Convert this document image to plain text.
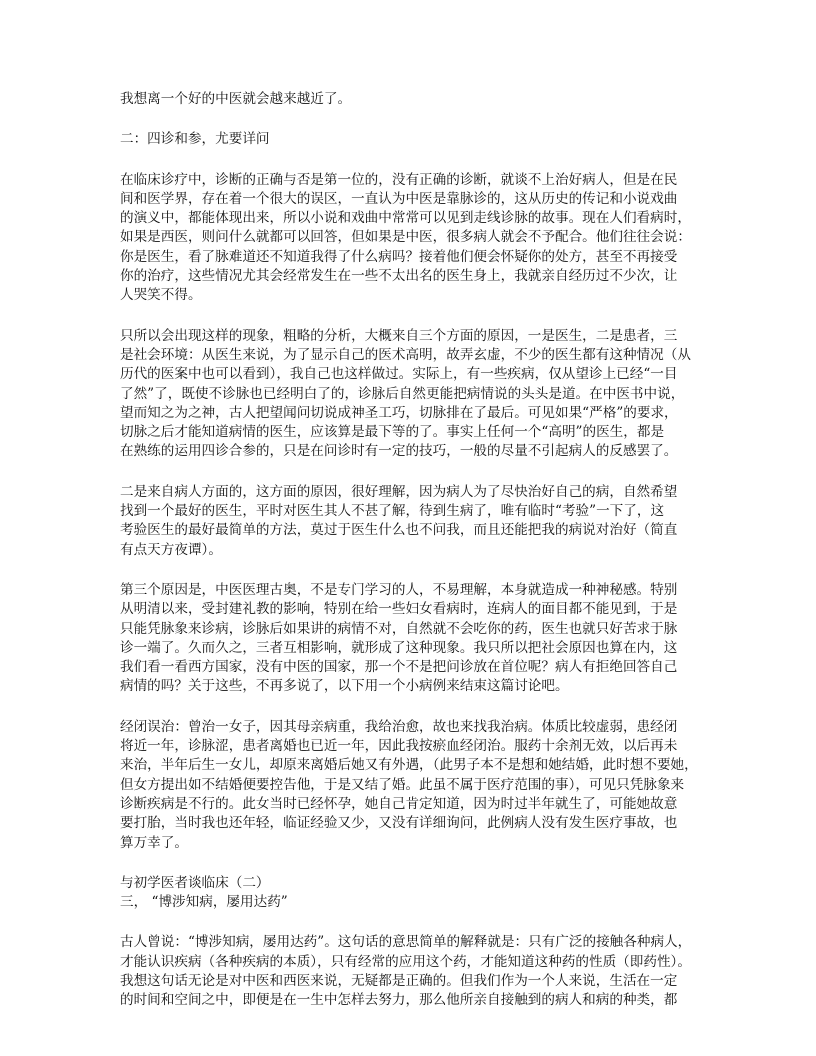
我想离一个好的中医就会越来越近了。
二：四诊和参，尤要详问
在临床诊疗中，诊断的正确与否是第一位的，没有正确的诊断，就谈不上治好病人，但是在民
间和医学界，存在着一个很大的误区，一直认为中医是靠脉诊的，这从历史的传记和小说戏曲
的演义中，都能体现出来，所以小说和戏曲中常常可以见到走线诊脉的故事。现在人们看病时，
如果是西医，则问什么就都可以回答，但如果是中医，很多病人就会不予配合。他们往往会说：
你是医生，看了脉难道还不知道我得了什么病吗？接着他们便会怀疑你的处方，甚至不再接受
你的治疗，这些情况尤其会经常发生在一些不太出名的医生身上，我就亲自经历过不少次，让
人哭笑不得。
只所以会出现这样的现象，粗略的分析，大概来自三个方面的原因，一是医生，二是患者，三
是社会环境：从医生来说，为了显示自己的医术高明，故弄玄虚，不少的医生都有这种情况（从
历代的医案中也可以看到），我自己也这样做过。实际上，有一些疾病，仅从望诊上已经“一目
了然”了，既使不诊脉也已经明白了的，诊脉后自然更能把病情说的头头是道。在中医书中说，
望而知之为之神，古人把望闻问切说成神圣工巧，切脉排在了最后。可见如果“严格”的要求，
切脉之后才能知道病情的医生，应该算是最下等的了。事实上任何一个“高明”的医生，都是
在熟练的运用四诊合参的，只是在问诊时有一定的技巧，一般的尽量不引起病人的反感罢了。
二是来自病人方面的，这方面的原因，很好理解，因为病人为了尽快治好自己的病，自然希望
找到一个最好的医生，平时对医生其人不甚了解，待到生病了，唯有临时“考验”一下了，这
考验医生的最好最简单的方法，莫过于医生什么也不问我，而且还能把我的病说对治好（简直
有点天方夜谭）。
第三个原因是，中医医理古奥，不是专门学习的人，不易理解，本身就造成一种神秘感。特别
从明清以来，受封建礼教的影响，特别在给一些妇女看病时，连病人的面目都不能见到，于是
只能凭脉象来诊病，诊脉后如果讲的病情不对，自然就不会吃你的药，医生也就只好苦求于脉
诊一端了。久而久之，三者互相影响，就形成了这种现象。我只所以把社会原因也算在内，这
我们看一看西方国家，没有中医的国家，那一个不是把问诊放在首位呢？病人有拒绝回答自己
病情的吗？关于这些，不再多说了，以下用一个小病例来结束这篇讨论吧。
经闭误治：曾治一女子，因其母亲病重，我给治愈，故也来找我治病。体质比较虚弱，患经闭
将近一年，诊脉涩，患者离婚也已近一年，因此我按瘀血经闭治。服药十余剂无效，以后再未
来治，半年后生一女儿，却原来离婚后她又有外遇，（此男子本不是想和她结婚，此时想不要她，
但女方提出如不结婚便要控告他，于是又结了婚。此虽不属于医疗范围的事），可见只凭脉象来
诊断疾病是不行的。此女当时已经怀孕，她自己肯定知道，因为时过半年就生了，可能她故意
要打胎，当时我也还年轻，临证经验又少，又没有详细询问，此例病人没有发生医疗事故，也
算万幸了。
与初学医者谈临床（二）
三， “博涉知病，屡用达药”
古人曾说：“博涉知病，屡用达药”。这句话的意思简单的解释就是：只有广泛的接触各种病人，
才能认识疾病（各种疾病的本质），只有经常的应用这个药，才能知道这种药的性质（即药性）。
我想这句话无论是对中医和西医来说，无疑都是正确的。但我们作为一个人来说，生活在一定
的时间和空间之中，即便是在一生中怎样去努力，那么他所亲自接触到的病人和病的种类，都
